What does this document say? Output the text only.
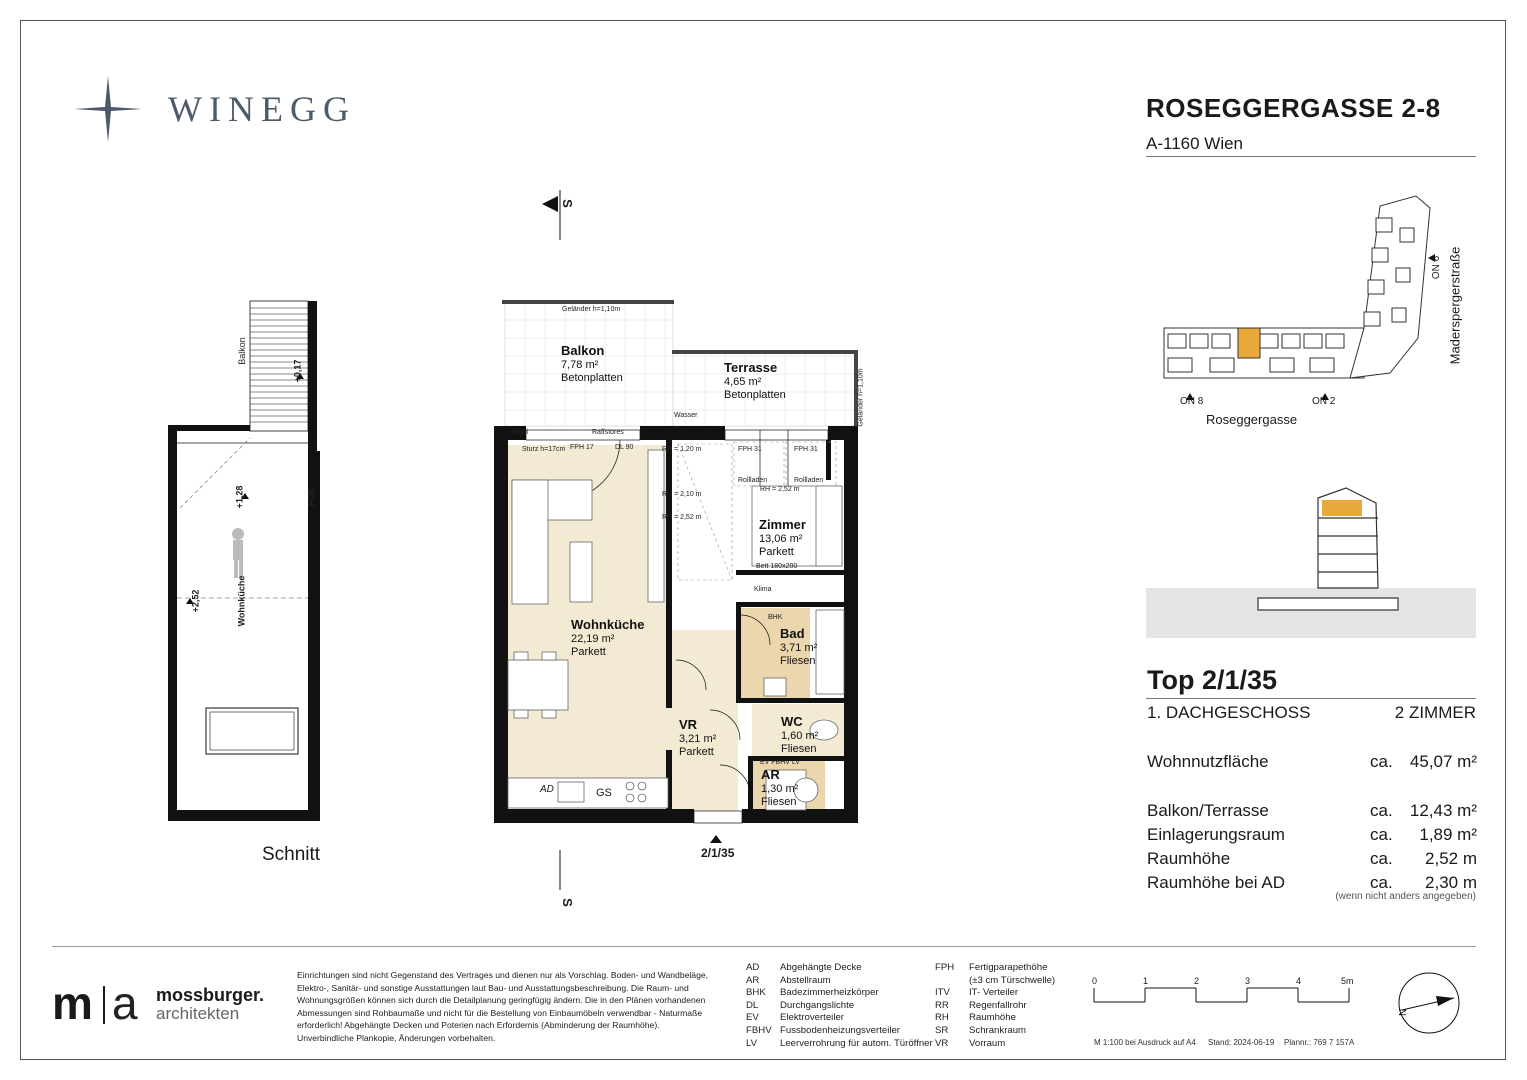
WINEGG	ROSEGGERGASSE 2-8
A-1160 Wien
ON 8	ON 2
ON 6
Roseggergasse
Maderspergerstraße
Top 2/1/35
1. DACHGESCHOSS	2 ZIMMER
Wohnnutzfläche	ca. 45,07 m²
Balkon/Terrasse	ca. 12,43 m²
Einlagerungsraum	ca. 1,89 m²
Raumhöhe	ca. 2,52 m
Raumhöhe bei AD	ca. 2,30 m
(wenn nicht anders angegeben)
Balkon
+0,17
+1,28	FOK
+2,52	Wohnküche
Schnitt
Balkon
7,78 m²
Betonplatten
Terrasse
4,65 m²
Betonplatten
Zimmer
13,06 m²
Parkett
Wohnküche
22,19 m²
Parkett
Bad
3,71 m²
Fliesen
VR
3,21 m²
Parkett
WC
1,60 m²
Fliesen
AR
1,30 m²
Fliesen
Geländer h=1,10m
Geländer h=1,10m
Rigol	Raffstores
Sturz h=17cm FPH 17	DL 90
Wasser
RH = 1,20 m
RH = 2,10 m
RH = 2,52 m
RH = 2,52 m
FPH 31	FPH 31
Rollladen	Rollladen
Bett 180x200
Klima
BHK
EV FBHV LV
GS
AD
S
S
2/1/35
m a mossburger.
architekten
Einrichtungen sind nicht Gegenstand des Vertrages und dienen nur als Vorschlag. Boden- und Wandbeläge, Elektro-, Sanitär- und sonstige Ausstattungen laut Bau- und Ausstattungsbeschreibung. Die Raum- und Wohnungsgrößen können sich durch die Detailplanung geringfügig ändern. Die in den Plänen vorhandenen Abmessungen sind Rohbaumaße und nicht für die Bestellung von Einbaumöbeln verwendbar - Naturmaße erforderlich! Abgehängte Decken und Poterien nach Erfordernis (Abminderung der Raumhöhe). Unverbindliche Plankopie, Änderungen vorbehalten.
AD Abgehängte Decke
AR Abstellraum
BHK Badezimmerheizkörper
DL Durchgangslichte
EV Elektroverteiler
FBHV Fussbodenheizungsverteiler
LV Leerverrohrung für autom. Türöffner
FPH Fertigparapethöhe
(±3 cm Türschwelle)
ITV IT- Verteiler
RR Regenfallrohr
RH Raumhöhe
SR Schrankraum
VR Vorraum
0	1	2	3	4	5m
N
M 1:100 bei Ausdruck auf A4 Stand: 2024-06-19 Plannr.: 769 7 157A
